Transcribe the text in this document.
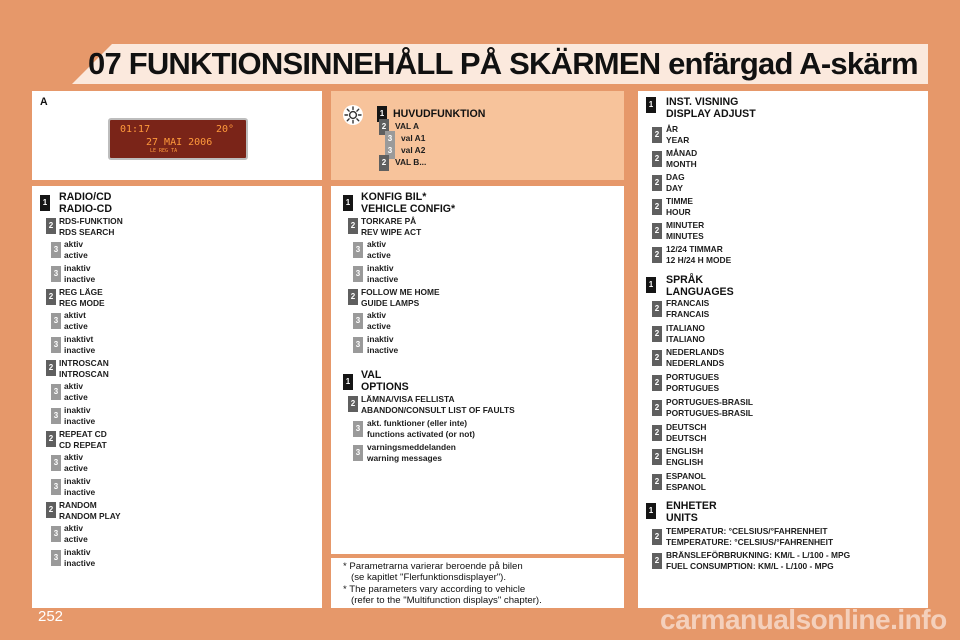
07 FUNKTIONSINNEHÅLL PÅ SKÄRMEN enfärgad A-skärm
A
01:17	20°
27 MAI 2006
LE REG TA
1 HUVUDFUNKTION
1 RADIO/CD
RADIO-CD
1 KONFIG BIL*
VEHICLE CONFIG*
1
VAL
OPTIONS
2 LÄMNA/VISA FELLISTA
ABANDON/CONSULT LIST OF FAULTS
* Parametrarna varierar beroende på bilen
(se kapitlet "Flerfunktionsdisplayer").
* The parameters vary according to vehicle
(refer to the "Multifunction displays" chapter).
1 INST. VISNING
DISPLAY ADJUST
1 SPRÅK
LANGUAGES
1 ENHETER
UNITS
252	carmanualsonline.info
2	VAL A
3	val A1
3	val A2
2	VAL B...
2 RDS-FUNKTION
RDS SEARCH
3
aktiv
active
3
inaktiv
inactive
2 REG LÄGE
REG MODE
3
aktivt
active
3
inaktivt
inactive
2 INTROSCAN
INTROSCAN
3
aktiv
active
3
inaktiv
inactive
2 REPEAT CD
CD REPEAT
3
aktiv
active
3
inaktiv
inactive
2 RANDOM
RANDOM PLAY
3
aktiv
active
3
inaktiv
inactive
2 TORKARE PÅ
REV WIPE ACT
3
aktiv
active
3
inaktiv
inactive
2 FOLLOW ME HOME
GUIDE LAMPS
3
aktiv
active
3
inaktiv
inactive
3
akt. funktioner (eller inte)
functions activated (or not)
3
varningsmeddelanden
warning messages
2
ÅR
YEAR
2
MÅNAD
MONTH
2
DAG
DAY
2
TIMME
HOUR
2
MINUTER
MINUTES
2
12/24 TIMMAR
12 H/24 H MODE
2
FRANCAIS
FRANCAIS
2
ITALIANO
ITALIANO
2
NEDERLANDS
NEDERLANDS
2
PORTUGUES
PORTUGUES
2
PORTUGUES-BRASIL
PORTUGUES-BRASIL
2
DEUTSCH
DEUTSCH
2
ENGLISH
ENGLISH
2
ESPANOL
ESPANOL
2
TEMPERATUR: °CELSIUS/°FAHRENHEIT
TEMPERATURE: °CELSIUS/°FAHRENHEIT
2
BRÄNSLEFÖRBRUKNING: KM/L - L/100 - MPG
FUEL CONSUMPTION: KM/L - L/100 - MPG
